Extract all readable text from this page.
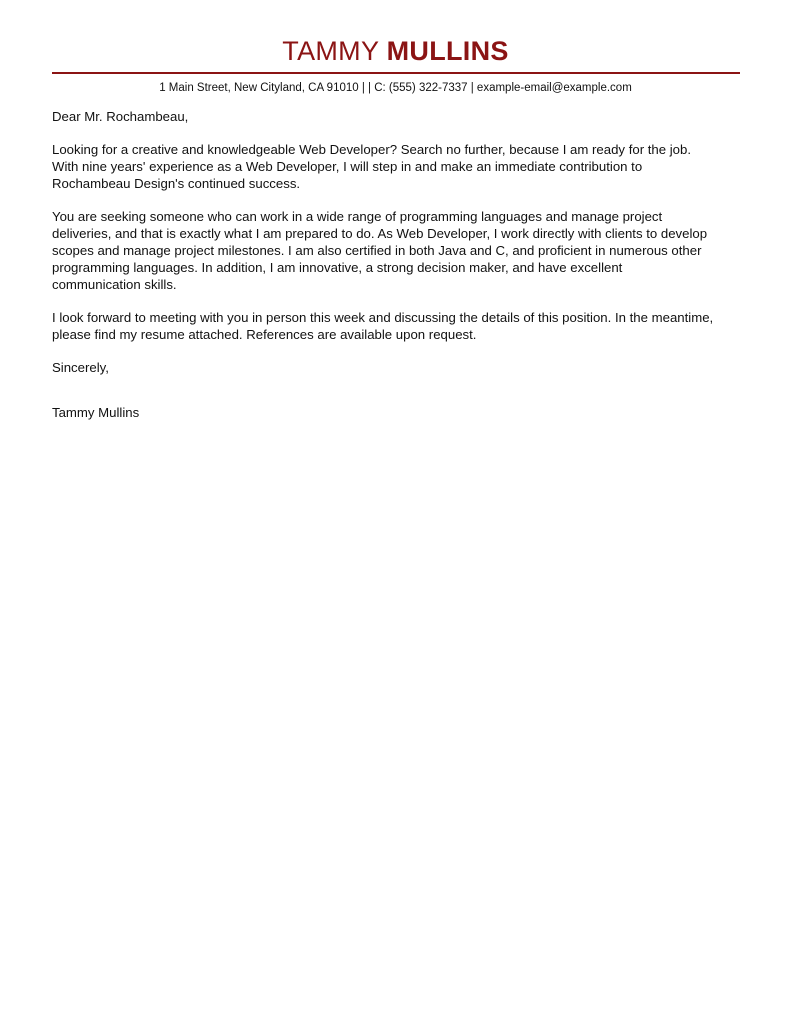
TAMMY MULLINS
1 Main Street, New Cityland, CA 91010 | | C: (555) 322-7337 | example-email@example.com

Dear Mr. Rochambeau,

Looking for a creative and knowledgeable Web Developer? Search no further, because I am ready for the job.
With nine years' experience as a Web Developer, I will step in and make an immediate contribution to
Rochambeau Design's continued success.

You are seeking someone who can work in a wide range of programming languages and manage project
deliveries, and that is exactly what I am prepared to do. As Web Developer, I work directly with clients to develop
scopes and manage project milestones. I am also certified in both Java and C, and proficient in numerous other
programming languages. In addition, I am innovative, a strong decision maker, and have excellent
communication skills.

I look forward to meeting with you in person this week and discussing the details of this position. In the meantime,
please find my resume attached. References are available upon request.

Sincerely,

Tammy Mullins
